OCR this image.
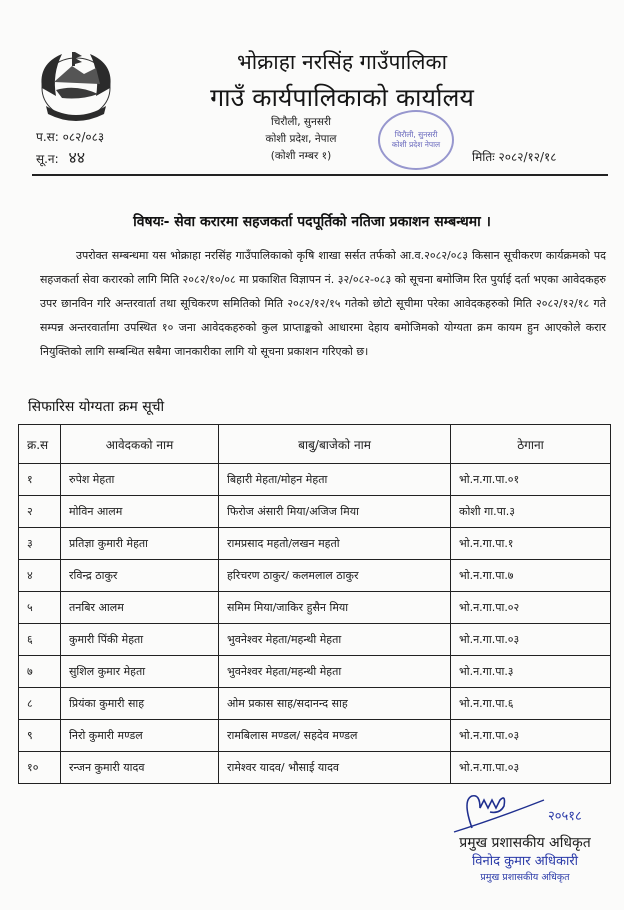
भोक्राहा नरसिंह गाउँपालिका
गाउँ कार्यपालिकाको कार्यालय
चिरौली, सुनसरी
कोशी प्रदेश, नेपाल
(कोशी नम्बर १)
चिरौली, सुनसरी
कोशी प्रदेश नेपाल
प.स: ०८२/०८३
सू.न: ४४	मितिः २०८२/१२/१८
विषयः- सेवा करारमा सहजकर्ता पदपूर्तिको नतिजा प्रकाशन सम्बन्धमा ।
उपरोक्त सम्बन्धमा यस भोक्राहा नरसिंह गाउँपालिकाको कृषि शाखा सर्सत तर्फको आ.व.२०८२/०८३ किसान सूचीकरण कार्यक्रमको पद सहजकर्ता सेवा करारको लागि मिति २०८२/१०/०८ मा प्रकाशित विज्ञापन नं. ३२/०८२-०८३ को सूचना बमोजिम रित पुर्याई दर्ता भएका आवेदकहरु उपर छानविन गरि अन्तरवार्ता तथा सूचिकरण समितिको मिति २०८२/१२/१५ गतेको छोटो सूचीमा परेका आवेदकहरुको मिति २०८२/१२/१८ गते सम्पन्न अन्तरवार्तामा उपस्थित १० जना आवेदकहरुको कुल प्राप्ताङ्कको आधारमा देहाय बमोजिमको योग्यता क्रम कायम हुन आएकोले करार नियुक्तिको लागि सम्बन्धित सबैमा जानकारीका लागि यो सूचना प्रकाशन गरिएको छ।
सिफारिस योग्यता क्रम सूची
क्र.स	आवेदकको नाम	बाबु/बाजेको नाम	ठेगाना
१	रुपेश मेहता	बिहारी मेहता/मोहन मेहता	भो.न.गा.पा.०१
२	मोविन आलम	फिरोज अंसारी मिया/अजिज मिया	कोशी गा.पा.३
३	प्रतिज्ञा कुमारी मेहता	रामप्रसाद महतो/लखन महतो	भो.न.गा.पा.१
४	रविन्द्र ठाकुर	हरिचरण ठाकुर/ कलमलाल ठाकुर	भो.न.गा.पा.७
५	तनबिर आलम	समिम मिया/जाकिर हुसैन मिया	भो.न.गा.पा.०२
६	कुमारी पिंकी मेहता	भुवनेश्वर मेहता/महन्थी मेहता	भो.न.गा.पा.०३
७	सुशिल कुमार मेहता	भुवनेश्वर मेहता/महन्थी मेहता	भो.न.गा.पा.३
८	प्रियंका कुमारी साह	ओम प्रकास साह/सदानन्द साह	भो.न.गा.पा.६
९	निरो कुमारी मण्डल	रामबिलास मण्डल/ सहदेव मण्डल	भो.न.गा.पा.०३
१०	रन्जन कुमारी यादव	रामेश्वर यादव/ भौसाई यादव	भो.न.गा.पा.०३
२०५१८
प्रमुख प्रशासकीय अधिकृत
विनोद कुमार अधिकारी
प्रमुख प्रशासकीय अधिकृत
